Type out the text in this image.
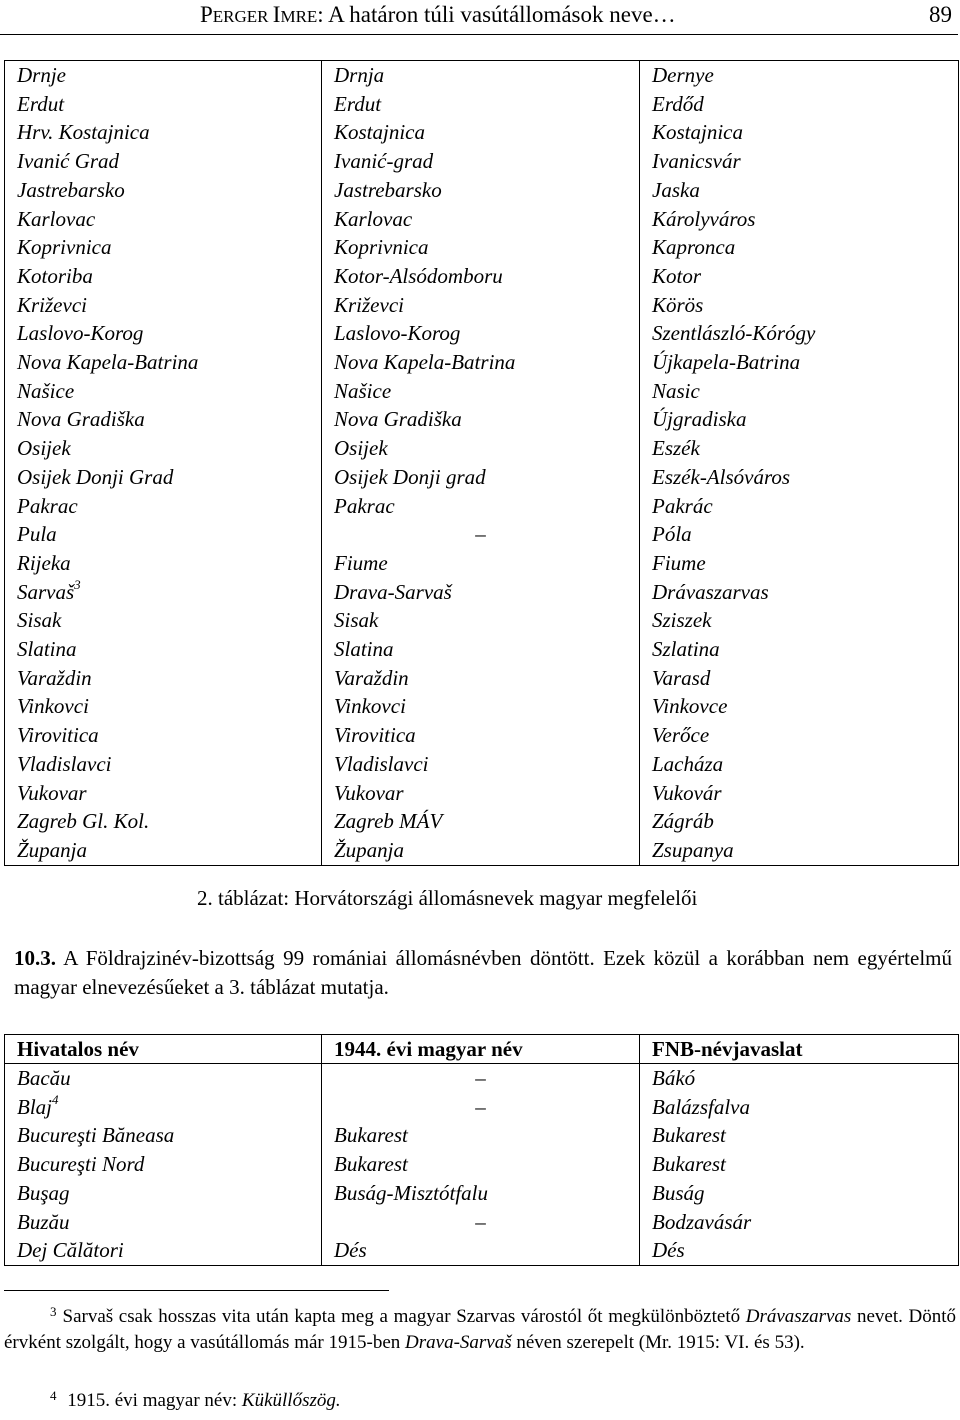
PERGER IMRE: A határon túli vasútállomások neve…	89
Drnje	Drnja	Dernye
Erdut	Erdut	Erdőd
Hrv. Kostajnica	Kostajnica	Kostajnica
Ivanić Grad	Ivanić-grad	Ivanicsvár
Jastrebarsko	Jastrebarsko	Jaska
Karlovac	Karlovac	Károlyváros
Koprivnica	Koprivnica	Kapronca
Kotoriba	Kotor-Alsódomboru	Kotor
Križevci	Križevci	Körös
Laslovo-Korog	Laslovo-Korog	Szentlászló-Kórógy
Nova Kapela-Batrina	Nova Kapela-Batrina	Újkapela-Batrina
Našice	Našice	Nasic
Nova Gradiška	Nova Gradiška	Újgradiska
Osijek	Osijek	Eszék
Osijek Donji Grad	Osijek Donji grad	Eszék-Alsóváros
Pakrac	Pakrac	Pakrác
Pula	–	Póla
Rijeka	Fiume	Fiume
Sarvaš$^3$	Drava-Sarvaš	Drávaszarvas
Sisak	Sisak	Sziszek
Slatina	Slatina	Szlatina
Varaždin	Varaždin	Varasd
Vinkovci	Vinkovci	Vinkovce
Virovitica	Virovitica	Verőce
Vladislavci	Vladislavci	Lacháza
Vukovar	Vukovar	Vukovár
Zagreb Gl. Kol.	Zagreb MÁV	Zágráb
Županja	Županja	Zsupanya
2. táblázat: Horvátországi állomásnevek magyar megfelelői
10.3. A Földrajzinév-bizottság 99 romániai állomásnévben döntött. Ezek közül a korábban nem egyértelmű magyar elnevezésűeket a 3. táblázat mutatja.
Hivatalos név	1944. évi magyar név	FNB-névjavaslat
Bacău	–	Bákó
Blaj$^4$	–	Balázsfalva
Bucureşti Băneasa	Bukarest	Bukarest
Bucureşti Nord	Bukarest	Bukarest
Buşag	Buság-Misztótfalu	Buság
Buzău	–	Bodzavásár
Dej Călători	Dés	Dés
$^3$ Sarvaš csak hosszas vita után kapta meg a magyar Szarvas várostól őt megkülönböztető Drávaszarvas nevet. Döntő érvként szolgált, hogy a vasútállomás már 1915-ben Drava-Sarvaš néven szerepelt (Mr. 1915: VI. és 53).
$^4$ 1915. évi magyar név: Küküllőszög.
